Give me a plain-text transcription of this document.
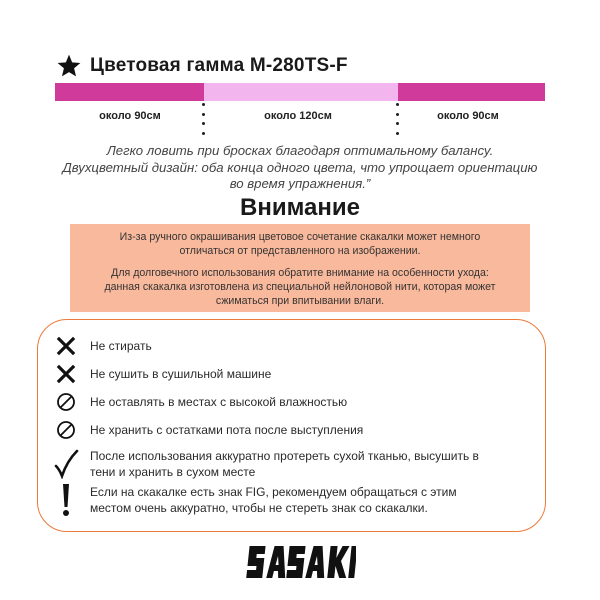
Цветовая гамма M-280TS-F
около 90см	около 120см	около 90см
Легко ловить при бросках благодаря оптимальному балансу.
Двухцветный дизайн: оба конца одного цвета, что упрощает ориентацию
во время упражнения.”
Внимание
Из-за ручного окрашивания цветовое сочетание скакалки может немного
отличаться от представленного на изображении.
Для долговечного использования обратите внимание на особенности ухода:
данная скакалка изготовлена из специальной нейлоновой нити, которая может
сжиматься при впитывании влаги.
Не стирать
Не сушить в сушильной машине
Не оставлять в местах с высокой влажностью
Не хранить с остатками пота после выступления
После использования аккуратно протереть сухой тканью, высушить в
тени и хранить в сухом месте
Если на скакалке есть знак FIG, рекомендуем обращаться с этим
местом очень аккуратно, чтобы не стереть знак со скакалки.
